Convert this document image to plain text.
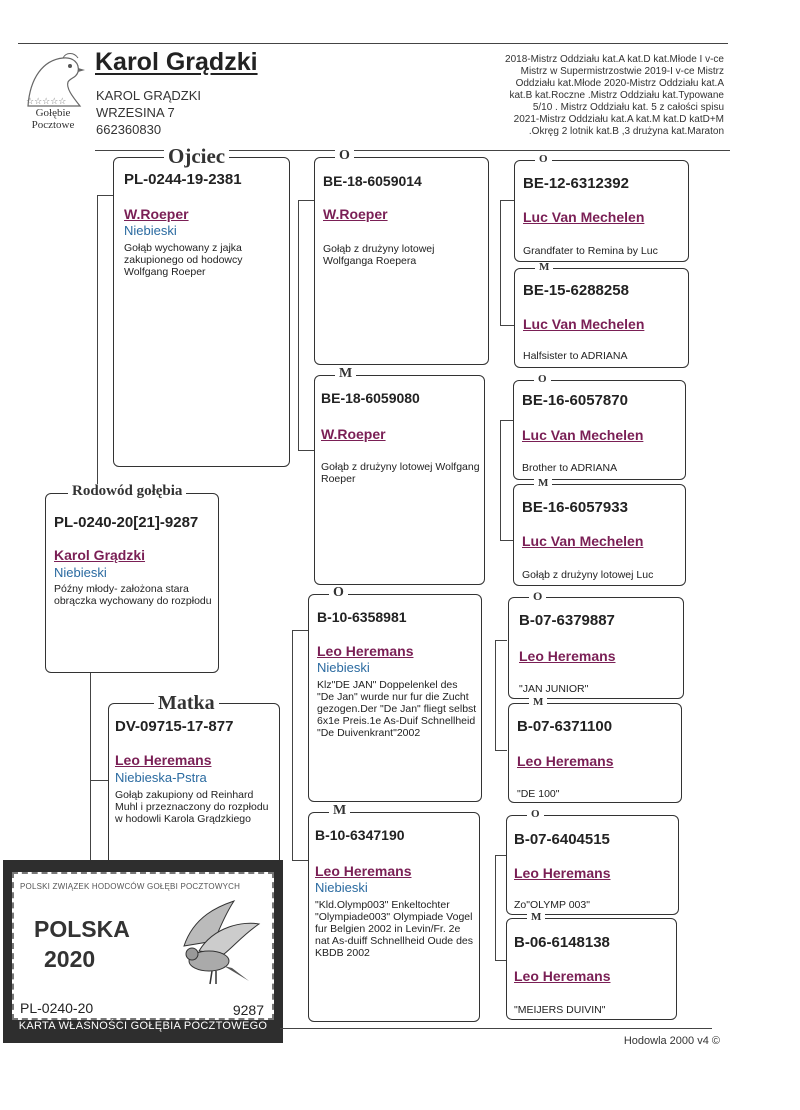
☆☆☆☆☆
Gołębie
Pocztowe
Karol Grądzki
KAROL GRĄDZKI
WRZESINA 7
662360830
2018-Mistrz Oddziału kat.A kat.D kat.Młode I v-ce
Mistrz w Supermistrzostwie 2019-I v-ce Mistrz
Oddziału kat.Młode 2020-Mistrz Oddziału kat.A
kat.B kat.Roczne .Mistrz Oddziału kat.Typowane
5/10 . Mistrz Oddziału kat. 5 z całości spisu
2021-Mistrz Oddziału kat.A kat.M kat.D katD+M
.Okręg 2 lotnik kat.B ,3 drużyna kat.Maraton
Rodowód gołębia
PL-0240-20[21]-9287
Karol Grądzki
Niebieski
Późny młody- założona stara obrączka wychowany do rozpłodu
Ojciec
PL-0244-19-2381
W.Roeper
Niebieski
Gołąb wychowany z jajka zakupionego od hodowcy Wolfgang Roeper
Matka
DV-09715-17-877
Leo Heremans
Niebieska-Pstra
Gołąb zakupiony od Reinhard Muhl i przeznaczony do rozpłodu w hodowli Karola Grądzkiego
O
BE-18-6059014
W.Roeper
Gołąb z drużyny lotowej Wolfganga Roepera
M
BE-18-6059080
W.Roeper
Gołąb z drużyny lotowej Wolfgang Roeper
O
B-10-6358981
Leo Heremans
Niebieski
Klz"DE JAN" Doppelenkel des "De Jan" wurde nur fur die Zucht gezogen.Der "De Jan" fliegt selbst 6x1e Preis.1e As-Duif Schnellheid "De Duivenkrant"2002
M
B-10-6347190
Leo Heremans
Niebieski
"Kld.Olymp003" Enkeltochter "Olympiade003" Olympiade Vogel fur Belgien 2002 in Levin/Fr. 2e nat As-duiff Schnellheid Oude des KBDB 2002
O
BE-12-6312392
Luc Van Mechelen
Grandfater to Remina by Luc
M
BE-15-6288258
Luc Van Mechelen
Halfsister to ADRIANA
O
BE-16-6057870
Luc Van Mechelen
Brother to ADRIANA
M
BE-16-6057933
Luc Van Mechelen
Gołąb z drużyny lotowej Luc
O
B-07-6379887
Leo Heremans
"JAN JUNIOR"
M
B-07-6371100
Leo Heremans
"DE 100"
O
B-07-6404515
Leo Heremans
Zo"OLYMP 003"
M
B-06-6148138
Leo Heremans
"MEIJERS DUIVIN"
POLSKI ZWIĄZEK HODOWCÓW GOŁĘBI POCZTOWYCH
POLSKA
2020
PL-0240-20	9287
KARTA WŁASNOŚCI GOŁĘBIA POCZTOWEGO
Hodowla 2000 v4 ©
